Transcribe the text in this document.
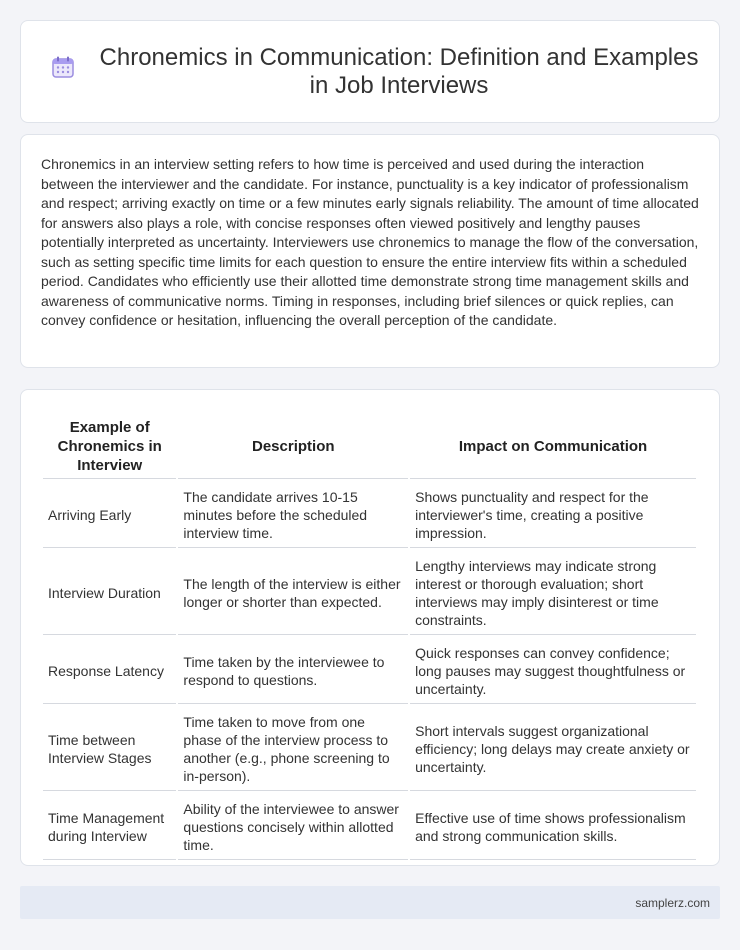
Chronemics in Communication: Definition and Examples in Job Interviews

Chronemics in an interview setting refers to how time is perceived and used during the interaction between the interviewer and the candidate. For instance, punctuality is a key indicator of professionalism and respect; arriving exactly on time or a few minutes early signals reliability. The amount of time allocated for answers also plays a role, with concise responses often viewed positively and lengthy pauses potentially interpreted as uncertainty. Interviewers use chronemics to manage the flow of the conversation, such as setting specific time limits for each question to ensure the entire interview fits within a scheduled period. Candidates who efficiently use their allotted time demonstrate strong time management skills and awareness of communicative norms. Timing in responses, including brief silences or quick replies, can convey confidence or hesitation, influencing the overall perception of the candidate.

Example of Chronemics in Interview	Description	Impact on Communication
Arriving Early	The candidate arrives 10-15 minutes before the scheduled interview time.	Shows punctuality and respect for the interviewer's time, creating a positive impression.
Interview Duration	The length of the interview is either longer or shorter than expected.	Lengthy interviews may indicate strong interest or thorough evaluation; short interviews may imply disinterest or time constraints.
Response Latency	Time taken by the interviewee to respond to questions.	Quick responses can convey confidence; long pauses may suggest thoughtfulness or uncertainty.
Time between Interview Stages	Time taken to move from one phase of the interview process to another (e.g., phone screening to in-person).	Short intervals suggest organizational efficiency; long delays may create anxiety or uncertainty.
Time Management during Interview	Ability of the interviewee to answer questions concisely within allotted time.	Effective use of time shows professionalism and strong communication skills.
samplerz.com
